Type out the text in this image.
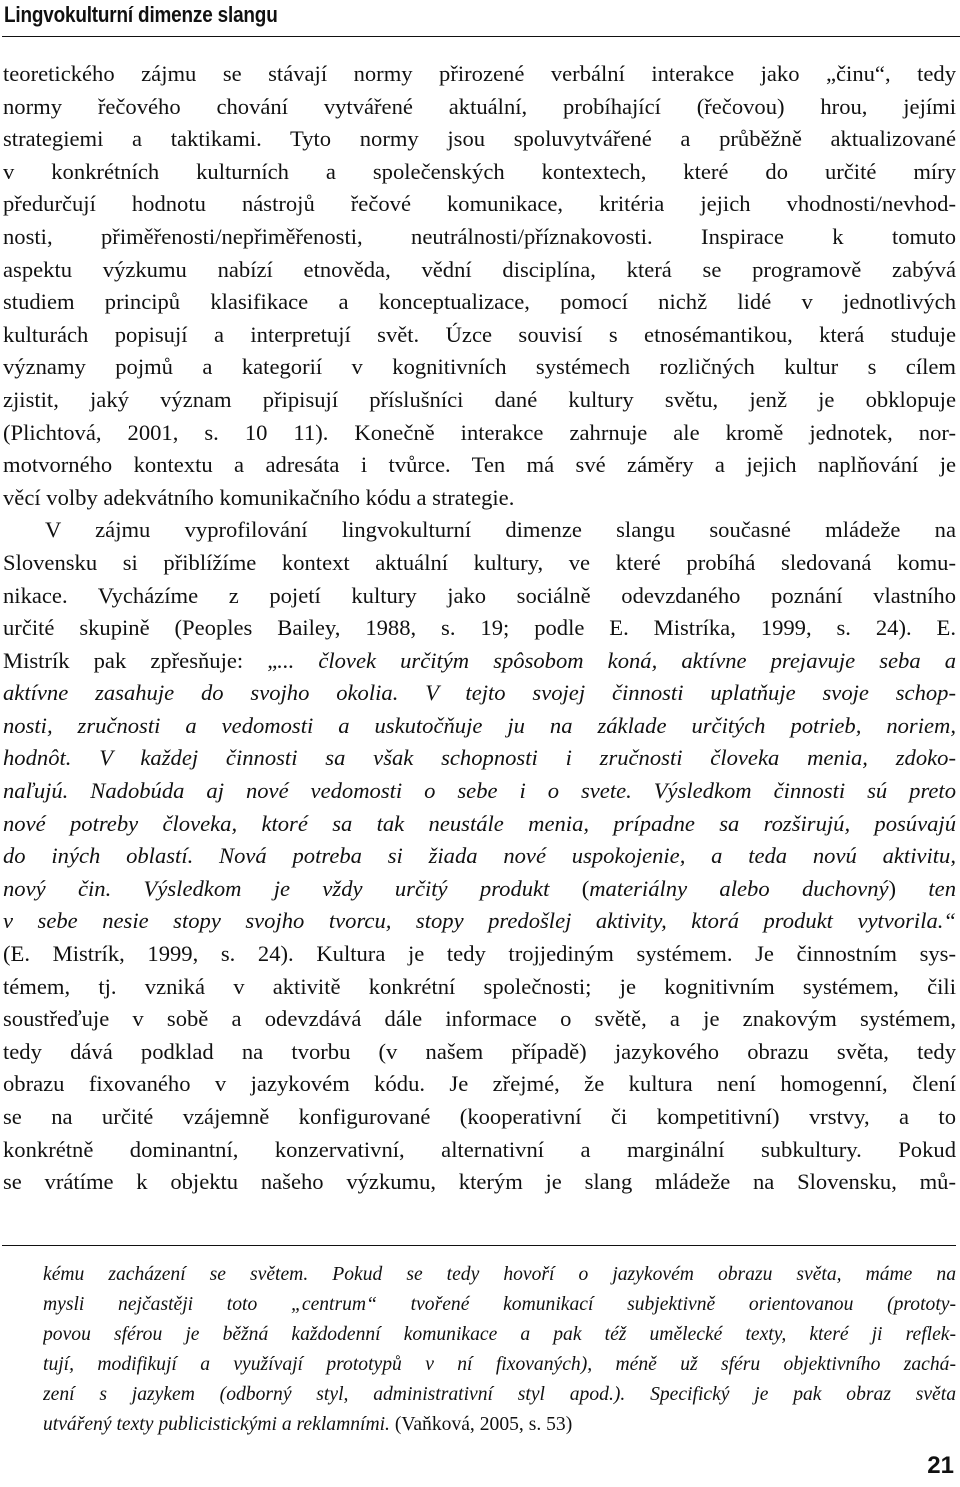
Lingvokulturní dimenze slangu
teoretického zájmu se stávají normy přirozené verbální interakce jako „činu“, tedy
normy řečového chování vytvářené aktuální, probíhající (řečovou) hrou, jejími
strategiemi a taktikami. Tyto normy jsou spoluvytvářené a průběžně aktualizované
v konkrétních kulturních a společenských kontextech, které do určité míry
předurčují hodnotu nástrojů řečové komunikace, kritéria jejich vhodnosti/nevhod-
nosti, přiměřenosti/nepřiměřenosti, neutrálnosti/příznakovosti. Inspirace k tomuto
aspektu výzkumu nabízí etnověda, vědní disciplína, která se programově zabývá
studiem principů klasifikace a konceptualizace, pomocí nichž lidé v jednotlivých
kulturách popisují a interpretují svět. Úzce souvisí s etnosémantikou, která studuje
významy pojmů a kategorií v kognitivních systémech rozličných kultur s cílem
zjistit, jaký význam připisují příslušníci dané kultury světu, jenž je obklopuje
(Plichtová, 2001, s. 10 11). Konečně interakce zahrnuje ale kromě jednotek, nor-
motvorného kontextu a adresáta i tvůrce. Ten má své záměry a jejich naplňování je
věcí volby adekvátního komunikačního kódu a strategie.
V zájmu vyprofilování lingvokulturní dimenze slangu současné mládeže na
Slovensku si přiblížíme kontext aktuální kultury, ve které probíhá sledovaná komu-
nikace. Vycházíme z pojetí kultury jako sociálně odevzdaného poznání vlastního
určité skupině (Peoples Bailey, 1988, s. 19; podle E. Mistríka, 1999, s. 24). E.
Mistrík pak zpřesňuje: „... človek určitým spôsobom koná, aktívne prejavuje seba a
aktívne zasahuje do svojho okolia. V tejto svojej činnosti uplatňuje svoje schop-
nosti, zručnosti a vedomosti a uskutočňuje ju na základe určitých potrieb, noriem,
hodnôt. V každej činnosti sa však schopnosti i zručnosti človeka menia, zdoko-
naľujú. Nadobúda aj nové vedomosti o sebe i o svete. Výsledkom činnosti sú preto
nové potreby človeka, ktoré sa tak neustále menia, prípadne sa rozširujú, posúvajú
do iných oblastí. Nová potreba si žiada nové uspokojenie, a teda novú aktivitu,
nový čin. Výsledkom je vždy určitý produkt (materiálny alebo duchovný) ten
v sebe nesie stopy svojho tvorcu, stopy predošlej aktivity, ktorá produkt vytvorila.“
(E. Mistrík, 1999, s. 24). Kultura je tedy trojjediným systémem. Je činnostním sys-
témem, tj. vzniká v aktivitě konkrétní společnosti; je kognitivním systémem, čili
soustřeďuje v sobě a odevzdává dále informace o světě, a je znakovým systémem,
tedy dává podklad na tvorbu (v našem případě) jazykového obrazu světa, tedy
obrazu fixovaného v jazykovém kódu. Je zřejmé, že kultura není homogenní, člení
se na určité vzájemně konfigurované (kooperativní či kompetitivní) vrstvy, a to
konkrétně dominantní, konzervativní, alternativní a marginální subkultury. Pokud
se vrátíme k objektu našeho výzkumu, kterým je slang mládeže na Slovensku, mů-
kému zacházení se světem. Pokud se tedy hovoří o jazykovém obrazu světa, máme na
mysli nejčastěji toto „centrum“ tvořené komunikací subjektivně orientovanou (prototy-
povou sférou je běžná každodenní komunikace a pak též umělecké texty, které ji reflek-
tují, modifikují a využívají prototypů v ní fixovaných), méně už sféru objektivního zachá-
zení s jazykem (odborný styl, administrativní styl apod.). Specifický je pak obraz světa
utvářený texty publicistickými a reklamními. (Vaňková, 2005, s. 53)
21
